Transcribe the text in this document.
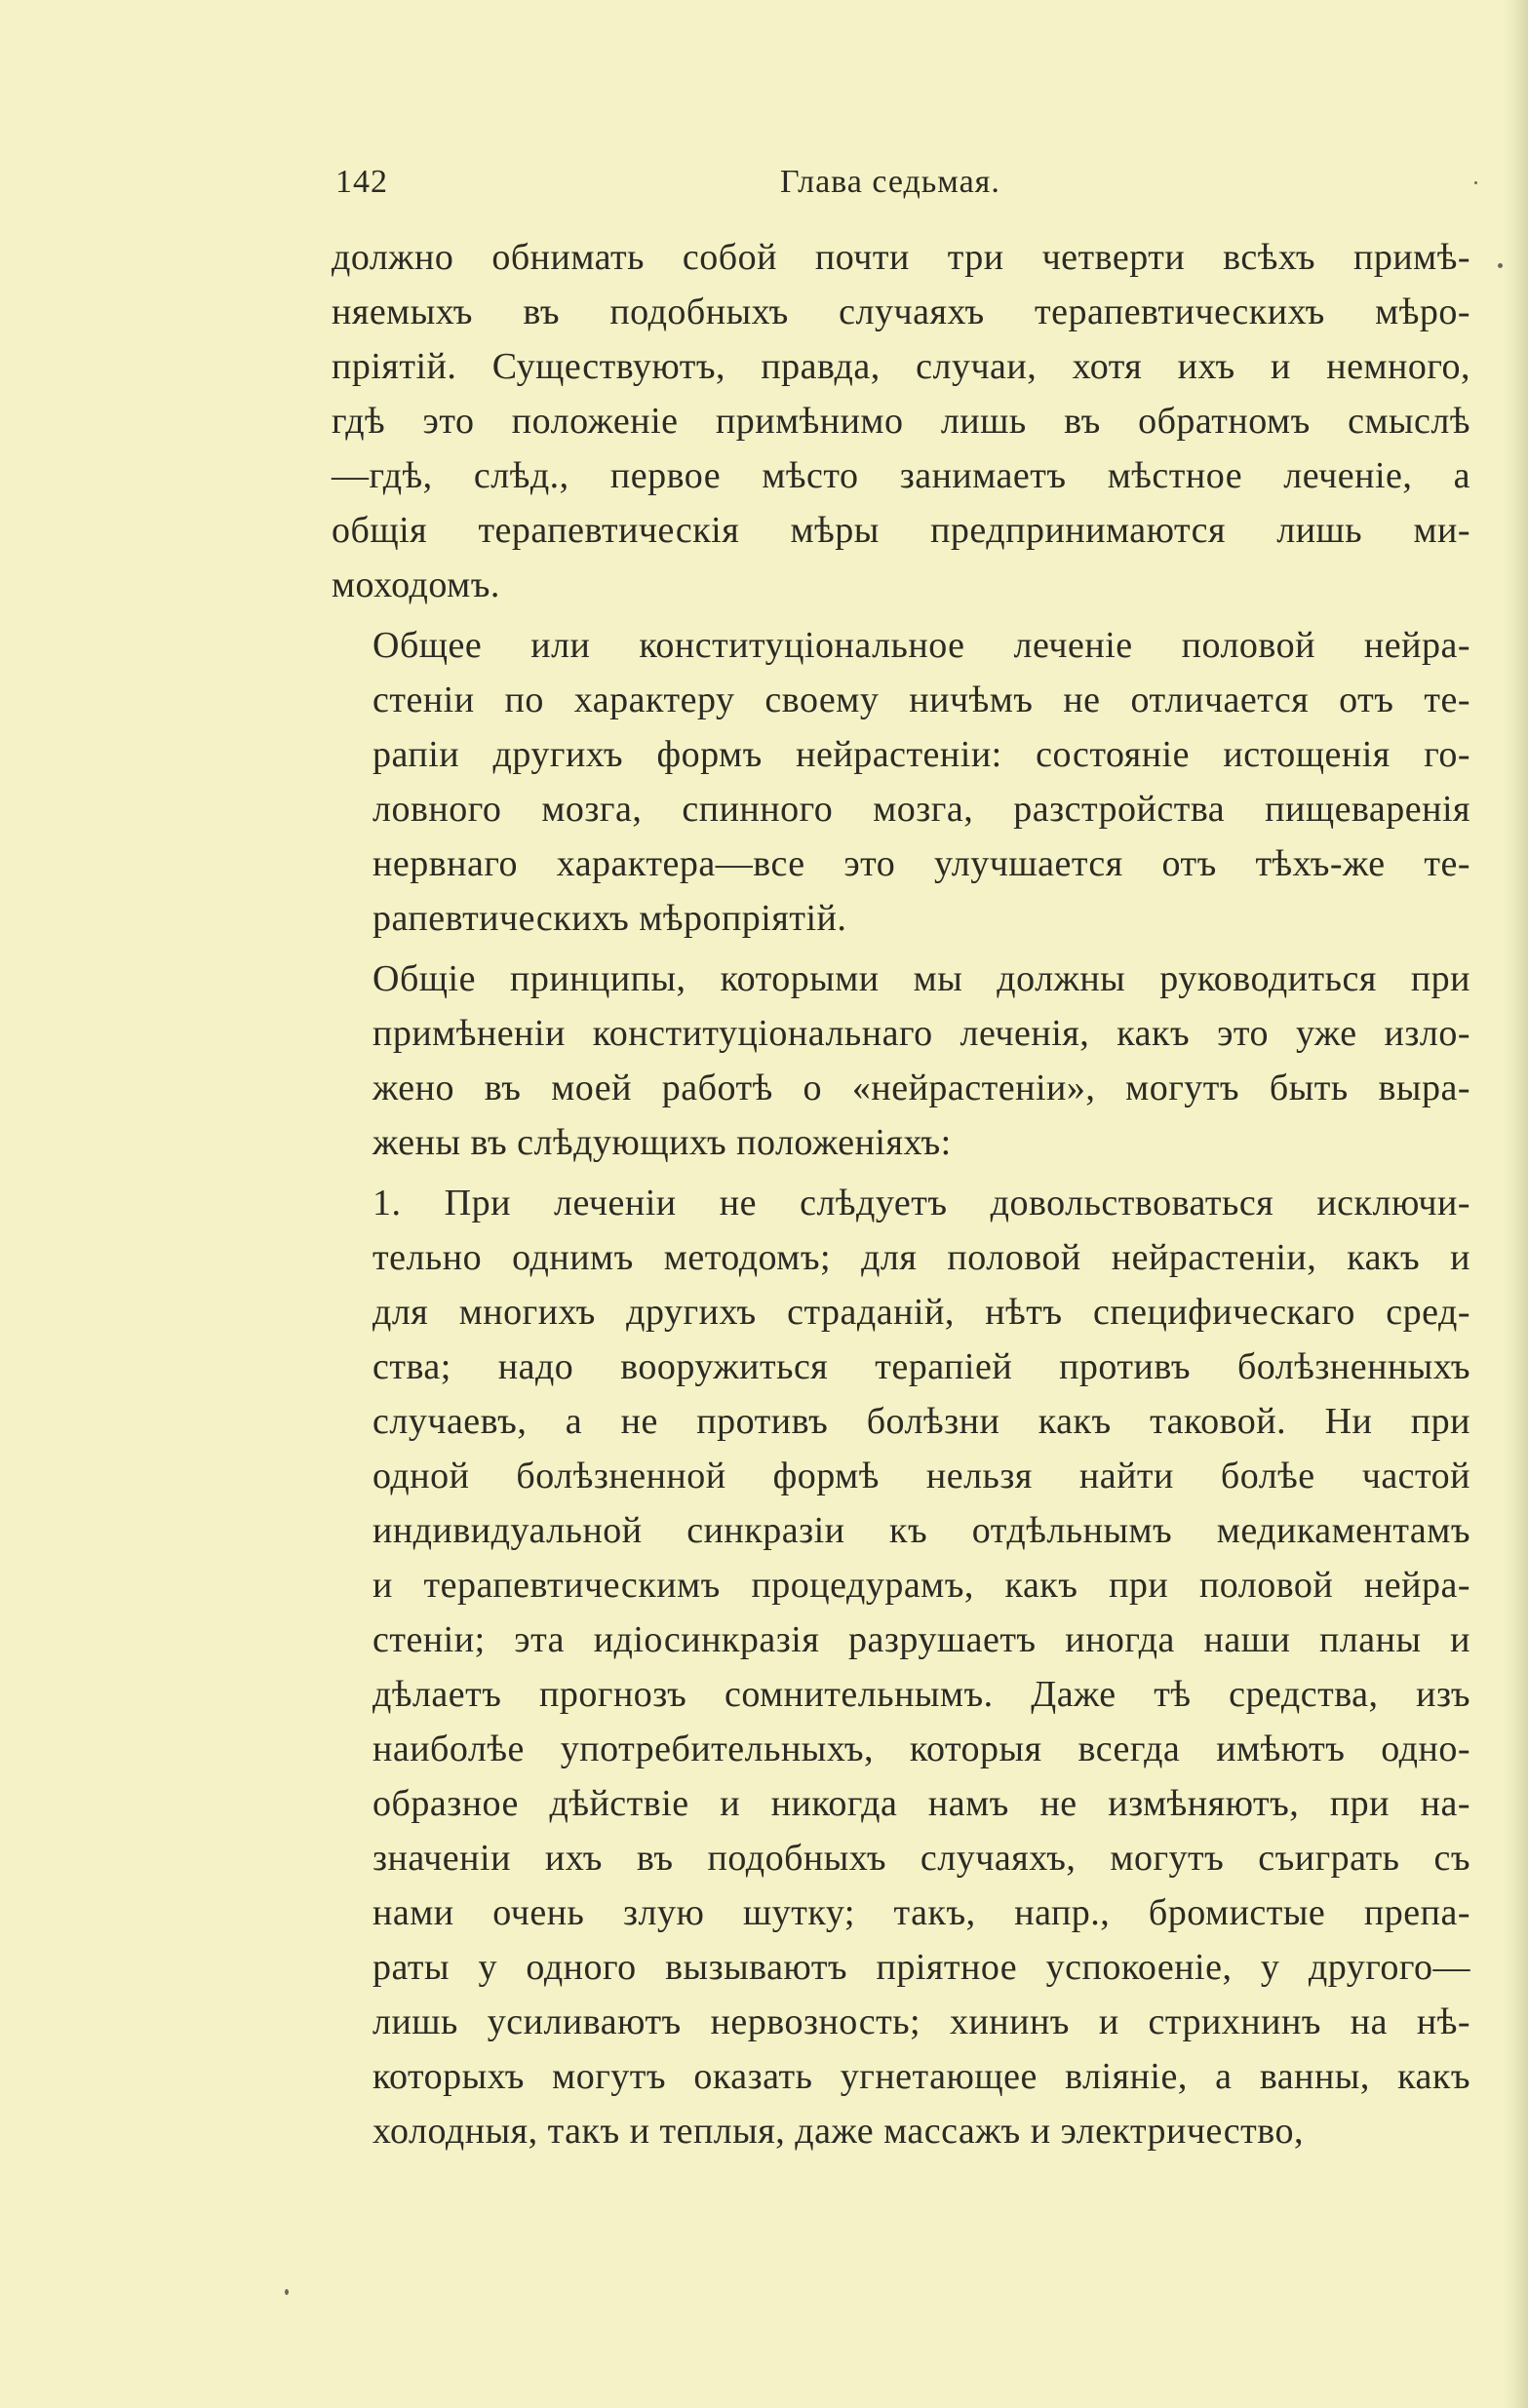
142	Глава седьмая.

должно обнимать собой почти три четверти всѣхъ примѣ-
няемыхъ въ подобныхъ случаяхъ терапевтическихъ мѣро-
пріятій. Существуютъ, правда, случаи, хотя ихъ и немного,
гдѣ это положеніе примѣнимо лишь въ обратномъ смыслѣ
—гдѣ, слѣд., первое мѣсто занимаетъ мѣстное леченіе, а
общія терапевтическія мѣры предпринимаются лишь ми-
моходомъ.

Общее или конституціональное леченіе половой нейра-
стеніи по характеру своему ничѣмъ не отличается отъ те-
рапіи другихъ формъ нейрастеніи: состояніе истощенія го-
ловного мозга, спинного мозга, разстройства пищеваренія
нервнаго характера—все это улучшается отъ тѣхъ-же те-
рапевтическихъ мѣропріятій.

Общіе принципы, которыми мы должны руководиться при
примѣненіи конституціональнаго леченія, какъ это уже изло-
жено въ моей работѣ о «нейрастеніи», могутъ быть выра-
жены въ слѣдующихъ положеніяхъ:

1. При леченіи не слѣдуетъ довольствоваться исключи-
тельно однимъ методомъ; для половой нейрастеніи, какъ и
для многихъ другихъ страданій, нѣтъ специфическаго сред-
ства; надо вооружиться терапіей противъ болѣзненныхъ
случаевъ, а не противъ болѣзни какъ таковой. Ни при
одной болѣзненной формѣ нельзя найти болѣе частой
индивидуальной синкразіи къ отдѣльнымъ медикаментамъ
и терапевтическимъ процедурамъ, какъ при половой нейра-
стеніи; эта идіосинкразія разрушаетъ иногда наши планы и
дѣлаетъ прогнозъ сомнительнымъ. Даже тѣ средства, изъ
наиболѣе употребительныхъ, которыя всегда имѣютъ одно-
образное дѣйствіе и никогда намъ не измѣняютъ, при на-
значеніи ихъ въ подобныхъ случаяхъ, могутъ съиграть съ
нами очень злую шутку; такъ, напр., бромистые препа-
раты у одного вызываютъ пріятное успокоеніе, у другого—
лишь усиливаютъ нервозность; хининъ и стрихнинъ на нѣ-
которыхъ могутъ оказать угнетающее вліяніе, а ванны, какъ
холодныя, такъ и теплыя, даже массажъ и электричество,
